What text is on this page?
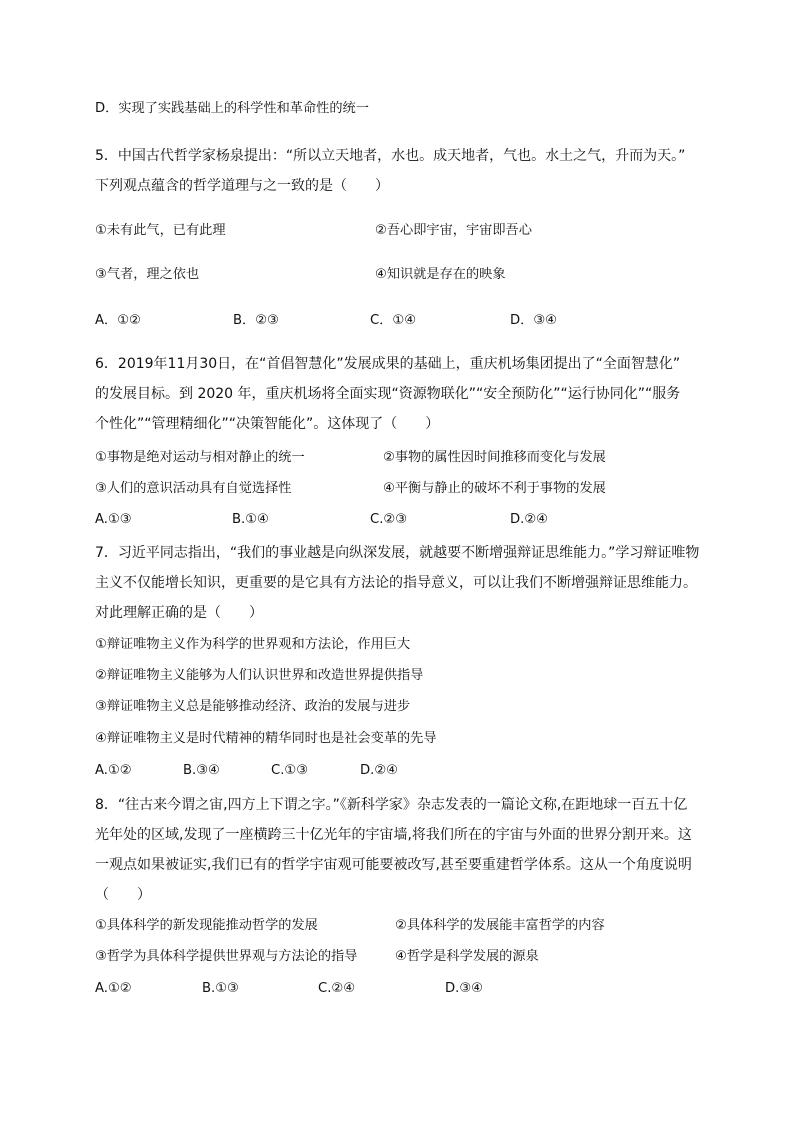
D．实现了实践基础上的科学性和革命性的统一
5．中国古代哲学家杨泉提出：“所以立天地者，水也。成天地者，气也。水土之气，升而为天。”
下列观点蕴含的哲学道理与之一致的是（　　）
①未有此气，已有此理	②吾心即宇宙，宇宙即吾心
③气者，理之依也	④知识就是存在的映象
A．①②	B．②③	C．①④	D．③④
6．2019年11月30日，在“首倡智慧化”发展成果的基础上，重庆机场集团提出了“全面智慧化”
的发展目标。到 2020 年，重庆机场将全面实现“资源物联化”“安全预防化”“运行协同化”“服务
个性化”“管理精细化”“决策智能化”。这体现了（　　）
①事物是绝对运动与相对静止的统一	②事物的属性因时间推移而变化与发展
③人们的意识活动具有自觉选择性	④平衡与静止的破坏不利于事物的发展
A.①③	B.①④	C.②③	D.②④
7．习近平同志指出，“我们的事业越是向纵深发展，就越要不断增强辩证思维能力。”学习辩证唯物
主义不仅能增长知识，更重要的是它具有方法论的指导意义，可以让我们不断增强辩证思维能力。
对此理解正确的是（　　）
①辩证唯物主义作为科学的世界观和方法论，作用巨大
②辩证唯物主义能够为人们认识世界和改造世界提供指导
③辩证唯物主义总是能够推动经济、政治的发展与进步
④辩证唯物主义是时代精神的精华同时也是社会变革的先导
A.①②	B.③④	C.①③	D.②④
8．“往古来今谓之宙,四方上下谓之字。”《新科学家》杂志发表的一篇论文称,在距地球一百五十亿
光年处的区域,发现了一座横跨三十亿光年的宇宙墙,将我们所在的宇宙与外面的世界分割开来。这
一观点如果被证实,我们已有的哲学宇宙观可能要被改写,甚至要重建哲学体系。这从一个角度说明
（　　）
①具体科学的新发现能推动哲学的发展	②具体科学的发展能丰富哲学的内容
③哲学为具体科学提供世界观与方法论的指导	④哲学是科学发展的源泉
A.①②	B.①③	C.②④	D.③④
